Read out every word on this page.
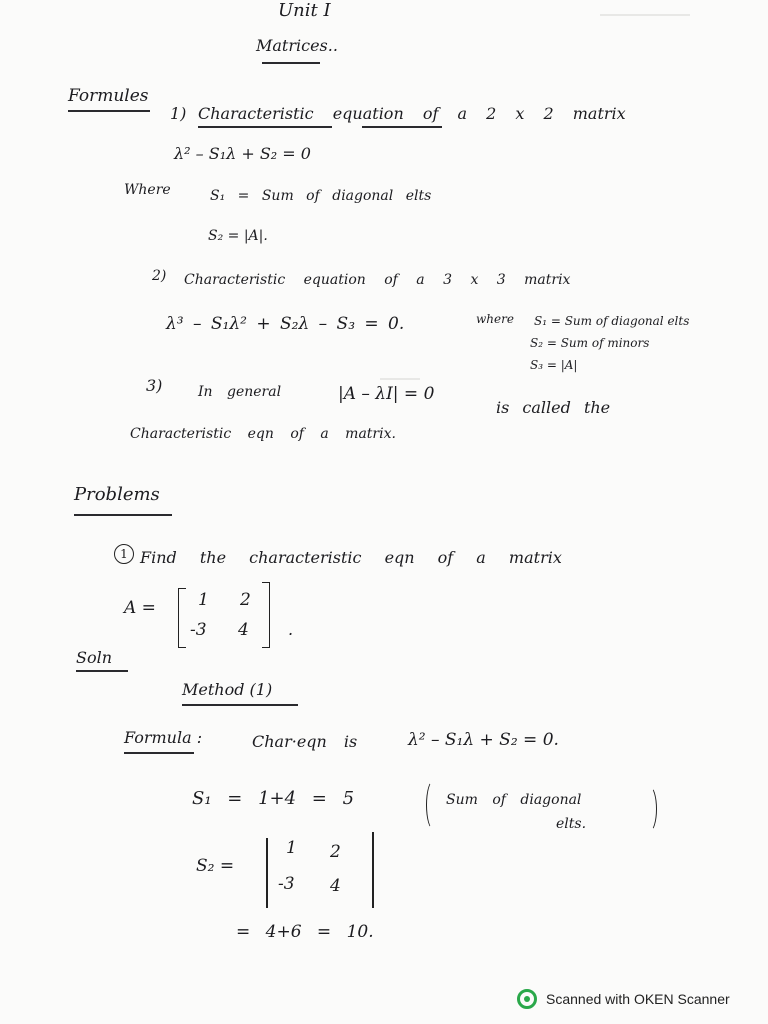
Unit I
Matrices..
Formules
1) Characteristic equation of a 2 x 2 matrix
λ² – S₁λ + S₂ = 0
Where	S₁ = Sum of diagonal elts
S₂ = |A|.
2) Characteristic equation of a 3 x 3 matrix
λ³ – S₁λ² + S₂λ – S₃ = 0.	where S₁ = Sum of diagonal elts
S₂ = Sum of minors
S₃ = |A|
3)	In general	|A – λI| = 0
is called the
Characteristic eqn of a matrix.
Problems
1 Find the characteristic eqn of a matrix
A = 1 2
-3 4 .
Soln
Method (1)
Formula :	Char·eqn is	λ² – S₁λ + S₂ = 0.
S₁ = 1+4 = 5	Sum of diagonal
elts.
S₂ =
1 2
-3 4
= 4+6 = 10.
Scanned with OKEN Scanner
